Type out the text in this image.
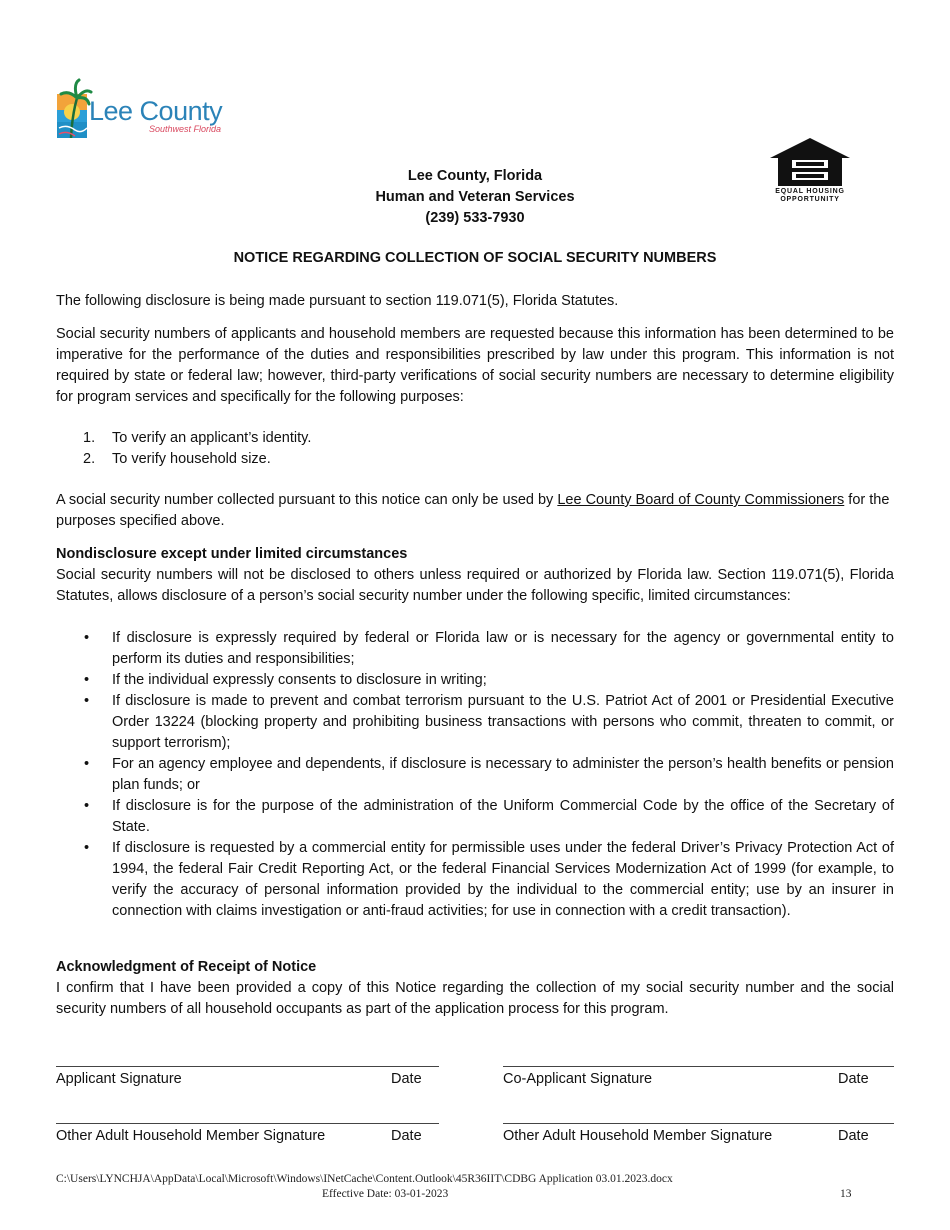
Lee County
Southwest Florida
EQUAL HOUSING
OPPORTUNITY
Lee County, Florida
Human and Veteran Services
(239) 533-7930
NOTICE REGARDING COLLECTION OF SOCIAL SECURITY NUMBERS

The following disclosure is being made pursuant to section 119.071(5), Florida Statutes.

Social security numbers of applicants and household members are requested because this information has been determined to be imperative for the performance of the duties and responsibilities prescribed by law under this program. This information is not required by state or federal law; however, third-party verifications of social security numbers are necessary to determine eligibility for program services and specifically for the following purposes:

1. To verify an applicant’s identity.
2. To verify household size.

A social security number collected pursuant to this notice can only be used by Lee County Board of County Commissioners for the purposes specified above.

Nondisclosure except under limited circumstances

Social security numbers will not be disclosed to others unless required or authorized by Florida law. Section 119.071(5), Florida Statutes, allows disclosure of a person’s social security number under the following specific, limited circumstances:

• If disclosure is expressly required by federal or Florida law or is necessary for the agency or governmental entity to perform its duties and responsibilities;
• If the individual expressly consents to disclosure in writing;
• If disclosure is made to prevent and combat terrorism pursuant to the U.S. Patriot Act of 2001 or Presidential Executive Order 13224 (blocking property and prohibiting business transactions with persons who commit, threaten to commit, or support terrorism);
• For an agency employee and dependents, if disclosure is necessary to administer the person’s health benefits or pension plan funds; or
• If disclosure is for the purpose of the administration of the Uniform Commercial Code by the office of the Secretary of State.
• If disclosure is requested by a commercial entity for permissible uses under the federal Driver’s Privacy Protection Act of 1994, the federal Fair Credit Reporting Act, or the federal Financial Services Modernization Act of 1999 (for example, to verify the accuracy of personal information provided by the individual to the commercial entity; use by an insurer in connection with claims investigation or anti-fraud activities; for use in connection with a credit transaction).
Acknowledgment of Receipt of Notice

I confirm that I have been provided a copy of this Notice regarding the collection of my social security number and the social security numbers of all household occupants as part of the application process for this program.

Applicant Signature	Date	Co-Applicant Signature	Date
Other Adult Household Member Signature	Date	Other Adult Household Member Signature	Date
C:\Users\LYNCHJA\AppData\Local\Microsoft\Windows\INetCache\Content.Outlook\45R36IIT\CDBG Application 03.01.2023.docx
Effective Date: 03-01-2023	13
